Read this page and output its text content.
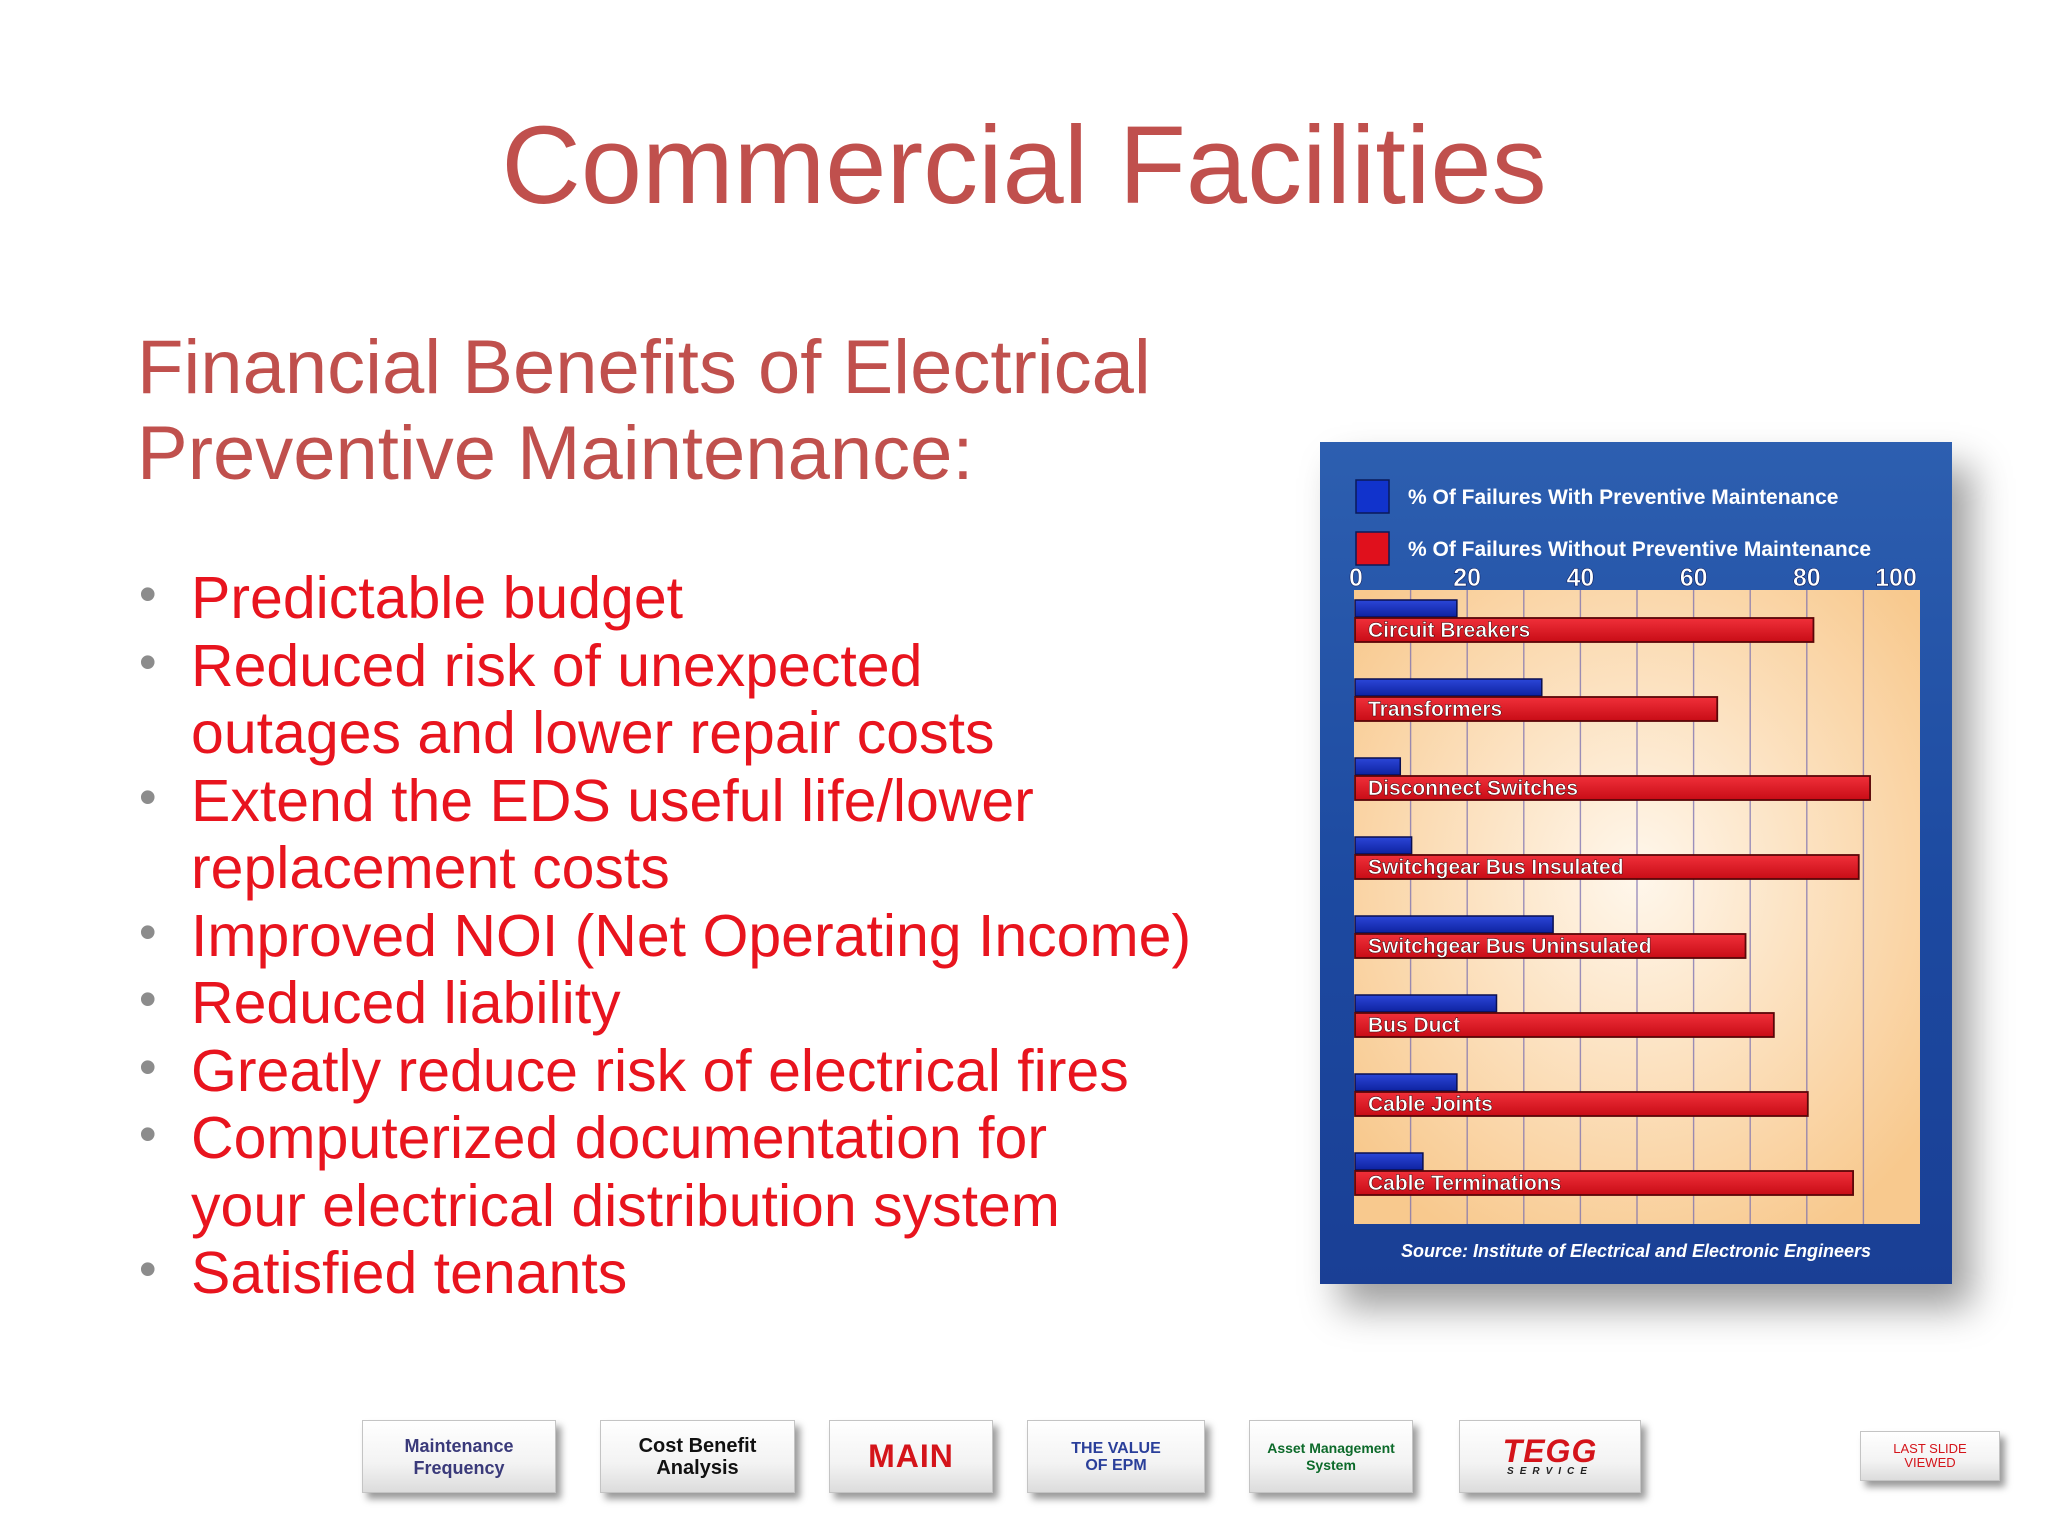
Commercial Facilities
Financial Benefits of Electrical
Preventive Maintenance:
• Predictable budget
• Reduced risk of unexpected
outages and lower repair costs
• Extend the EDS useful life/lower
replacement costs
• Improved NOI (Net Operating Income)
• Reduced liability
• Greatly reduce risk of electrical fires
• Computerized documentation for
your electrical distribution system
• Satisfied tenants
% Of Failures With Preventive Maintenance
% Of Failures Without Preventive Maintenance
0	20	40	60	80 100
Circuit Breakers
Transformers
Disconnect Switches
Switchgear Bus Insulated
Switchgear Bus Uninsulated
Bus Duct
Cable Joints
Cable Terminations
Source: Institute of Electrical and Electronic Engineers
Maintenance
Frequency
Cost Benefit
Analysis	MAIN	THE VALUE
OF EPM
Asset Management
System	TEGG
SERVICE
LAST SLIDE
VIEWED
